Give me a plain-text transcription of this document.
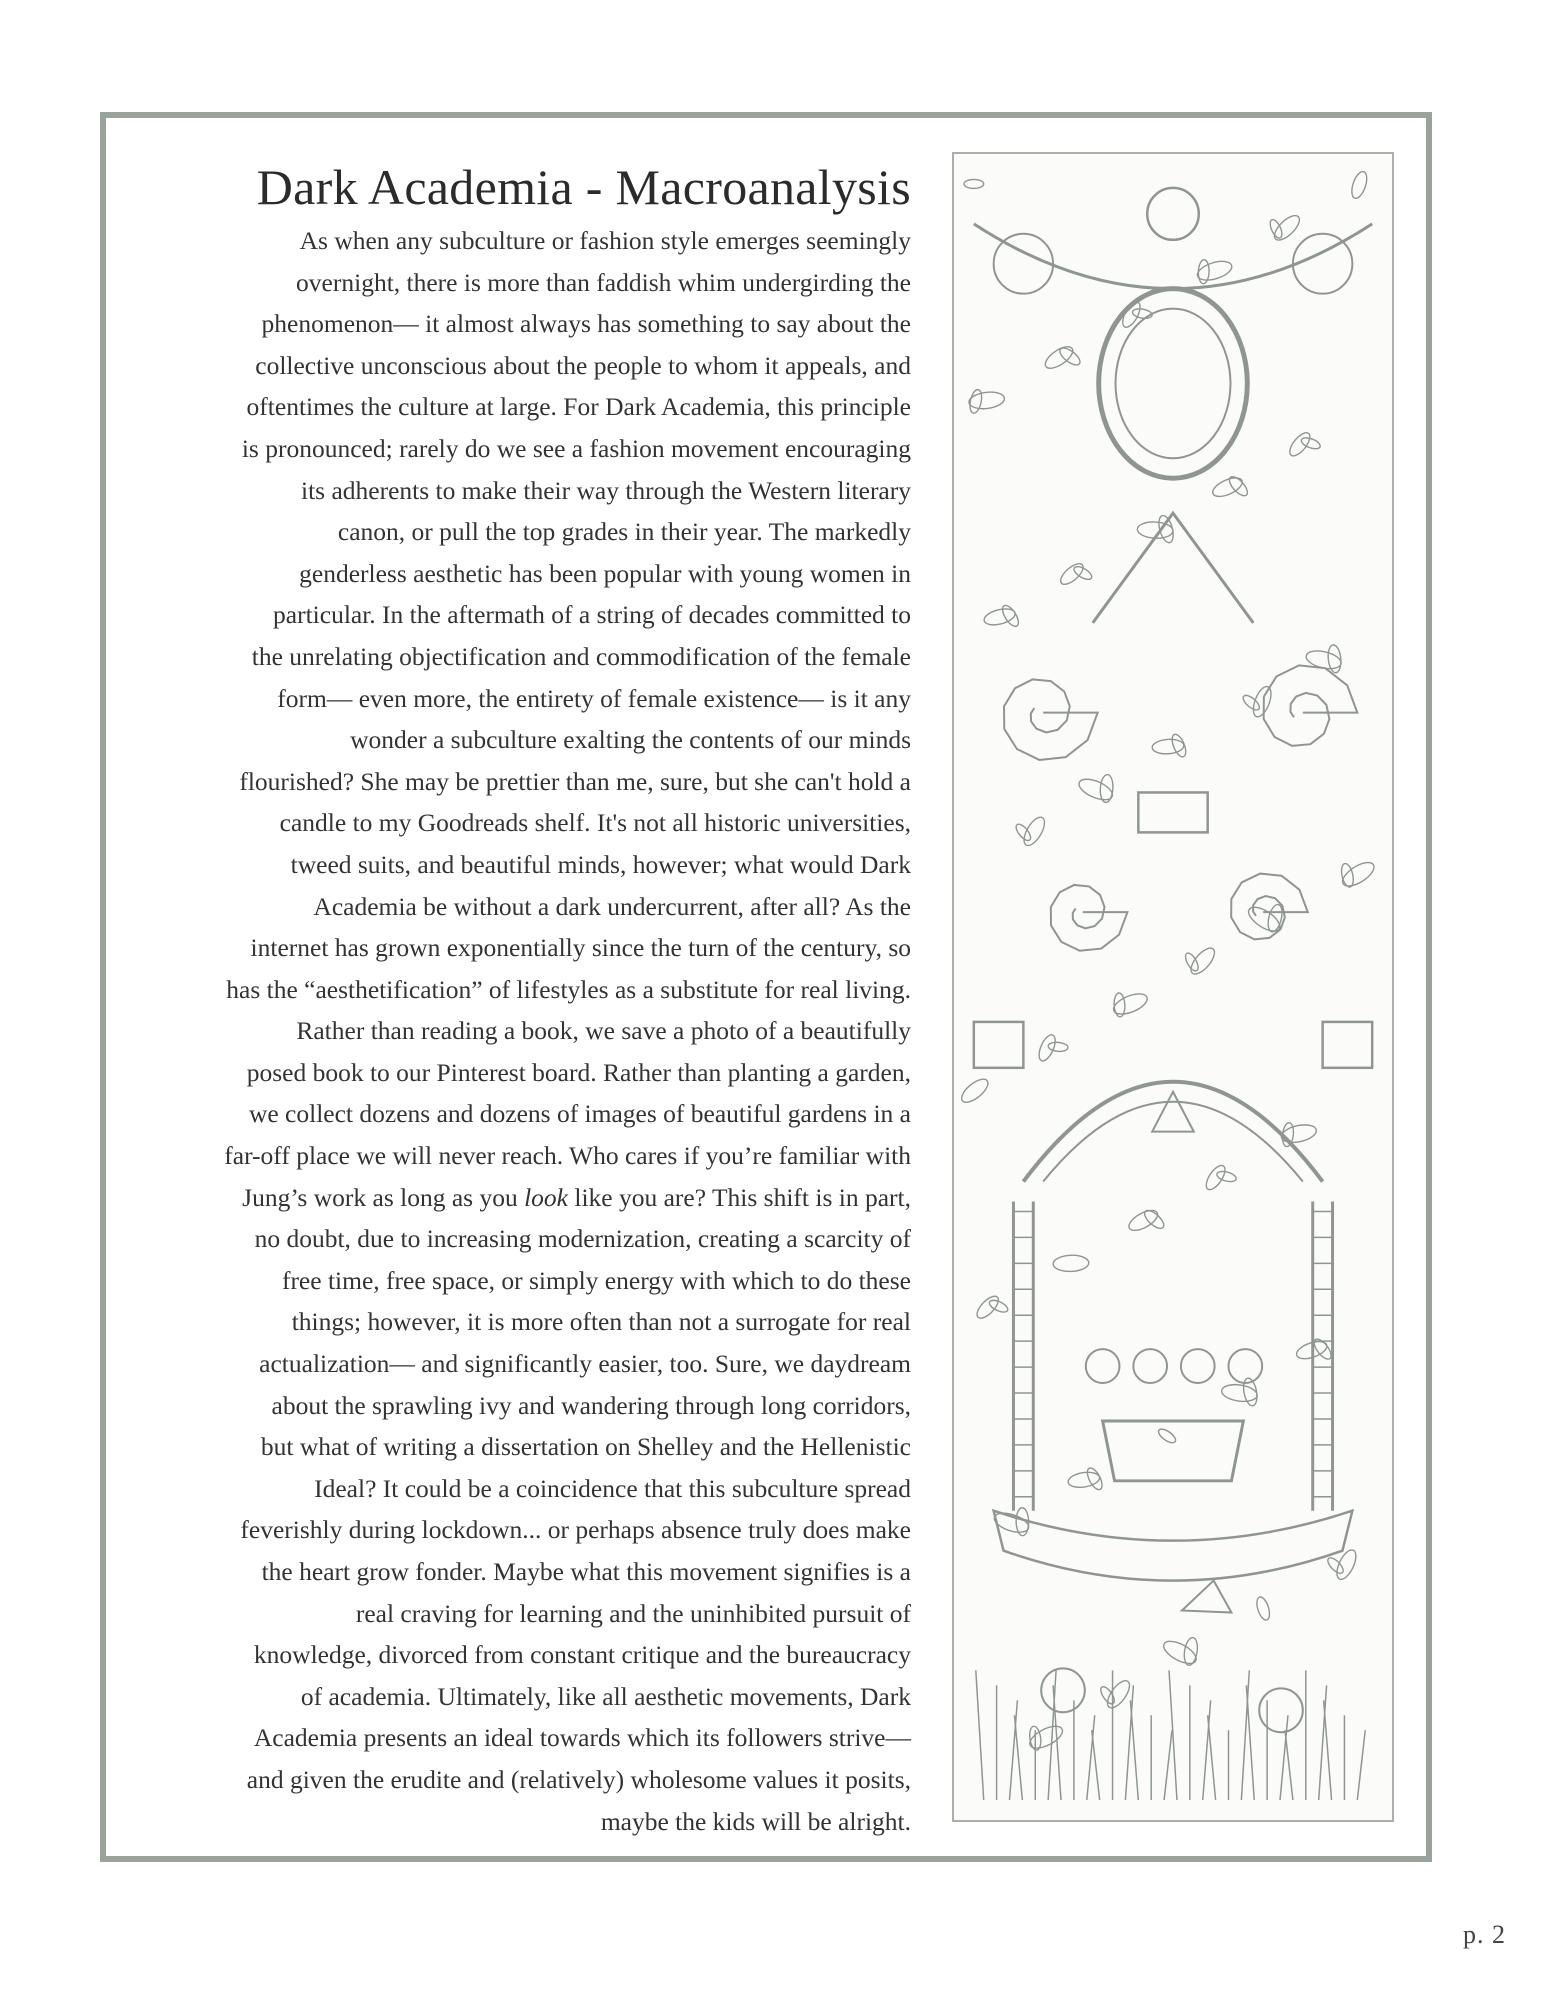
Dark Academia - Macroanalysis
As when any subculture or fashion style emerges seemingly
overnight, there is more than faddish whim undergirding the
phenomenon— it almost always has something to say about the
collective unconscious about the people to whom it appeals, and
oftentimes the culture at large. For Dark Academia, this principle
is pronounced; rarely do we see a fashion movement encouraging
its adherents to make their way through the Western literary
canon, or pull the top grades in their year. The markedly
genderless aesthetic has been popular with young women in
particular. In the aftermath of a string of decades committed to
the unrelating objectification and commodification of the female
form— even more, the entirety of female existence— is it any
wonder a subculture exalting the contents of our minds
flourished? She may be prettier than me, sure, but she can't hold a
candle to my Goodreads shelf. It's not all historic universities,
tweed suits, and beautiful minds, however; what would Dark
Academia be without a dark undercurrent, after all? As the
internet has grown exponentially since the turn of the century, so
has the “aesthetification” of lifestyles as a substitute for real living.
Rather than reading a book, we save a photo of a beautifully
posed book to our Pinterest board. Rather than planting a garden,
we collect dozens and dozens of images of beautiful gardens in a
far-off place we will never reach. Who cares if you’re familiar with
Jung’s work as long as you look like you are? This shift is in part,
no doubt, due to increasing modernization, creating a scarcity of
free time, free space, or simply energy with which to do these
things; however, it is more often than not a surrogate for real
actualization— and significantly easier, too. Sure, we daydream
about the sprawling ivy and wandering through long corridors,
but what of writing a dissertation on Shelley and the Hellenistic
Ideal? It could be a coincidence that this subculture spread
feverishly during lockdown... or perhaps absence truly does make
the heart grow fonder. Maybe what this movement signifies is a
real craving for learning and the uninhibited pursuit of
knowledge, divorced from constant critique and the bureaucracy
of academia. Ultimately, like all aesthetic movements, Dark
Academia presents an ideal towards which its followers strive—
and given the erudite and (relatively) wholesome values it posits,
maybe the kids will be alright.
p. 2
